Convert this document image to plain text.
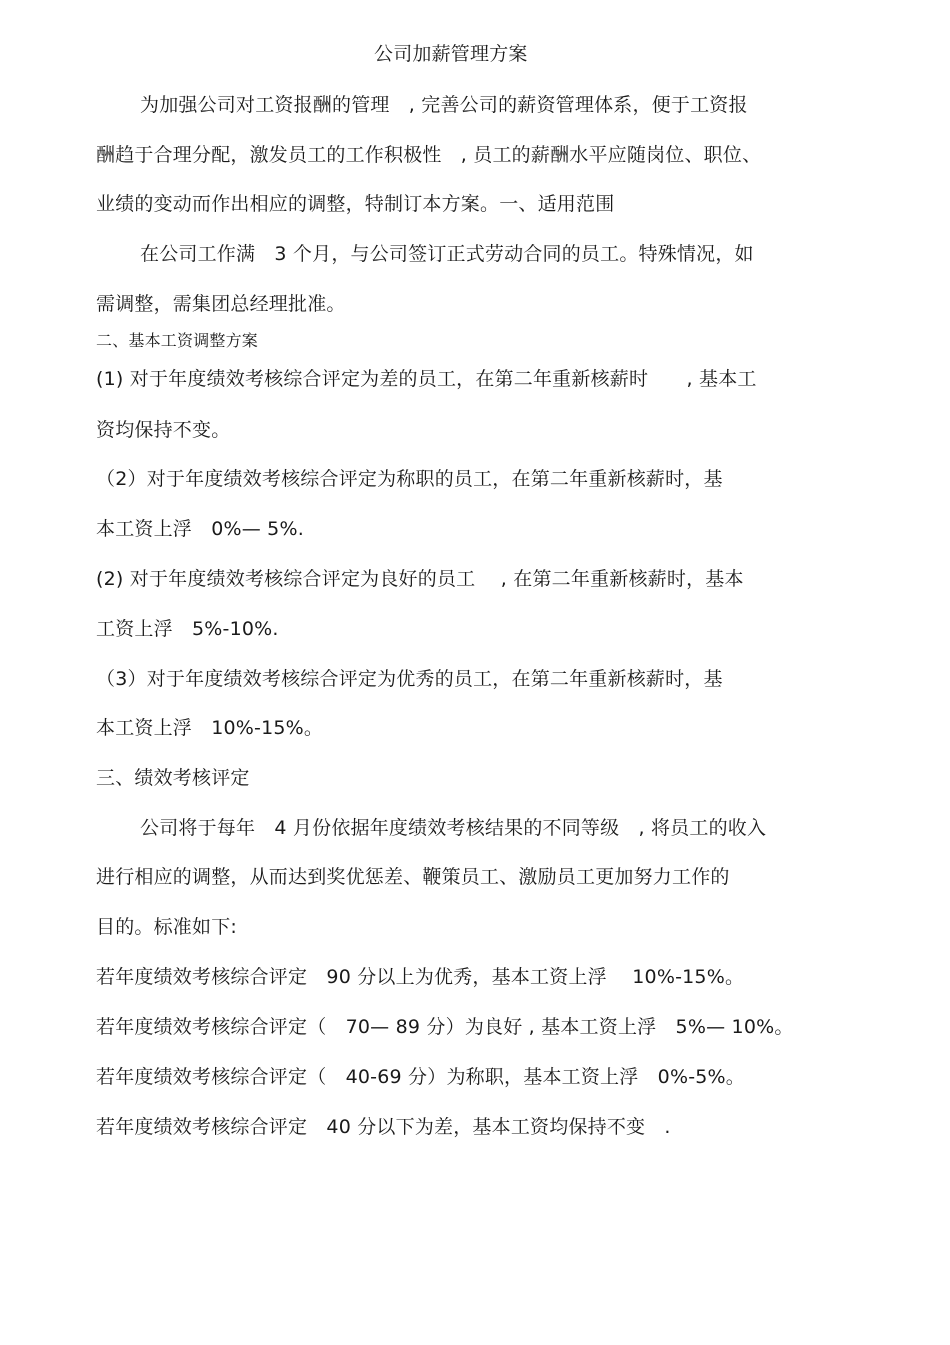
公司加薪管理方案
为加强公司对工资报酬的管理　, 完善公司的薪资管理体系，便于工资报
酬趋于合理分配，激发员工的工作积极性　, 员工的薪酬水平应随岗位、职位、
业绩的变动而作出相应的调整，特制订本方案。一、适用范围
在公司工作满　3 个月，与公司签订正式劳动合同的员工。特殊情况，如
需调整，需集团总经理批准。
二、基本工资调整方案
(1) 对于年度绩效考核综合评定为差的员工，在第二年重新核薪时　　, 基本工
资均保持不变。
（2）对于年度绩效考核综合评定为称职的员工，在第二年重新核薪时，基
本工资上浮　0%— 5%.
(2) 对于年度绩效考核综合评定为良好的员工　 , 在第二年重新核薪时，基本
工资上浮　5%-10%.
（3）对于年度绩效考核综合评定为优秀的员工，在第二年重新核薪时，基
本工资上浮　10%-15%。
三、绩效考核评定
公司将于每年　4 月份依据年度绩效考核结果的不同等级　, 将员工的收入
进行相应的调整，从而达到奖优惩差、鞭策员工、激励员工更加努力工作的
目的。标准如下:
若年度绩效考核综合评定　90 分以上为优秀，基本工资上浮　 10%-15%。
若年度绩效考核综合评定（　70— 89 分）为良好 , 基本工资上浮　5%— 10%。
若年度绩效考核综合评定（　40-69 分）为称职，基本工资上浮　0%-5%。
若年度绩效考核综合评定　40 分以下为差，基本工资均保持不变　.
